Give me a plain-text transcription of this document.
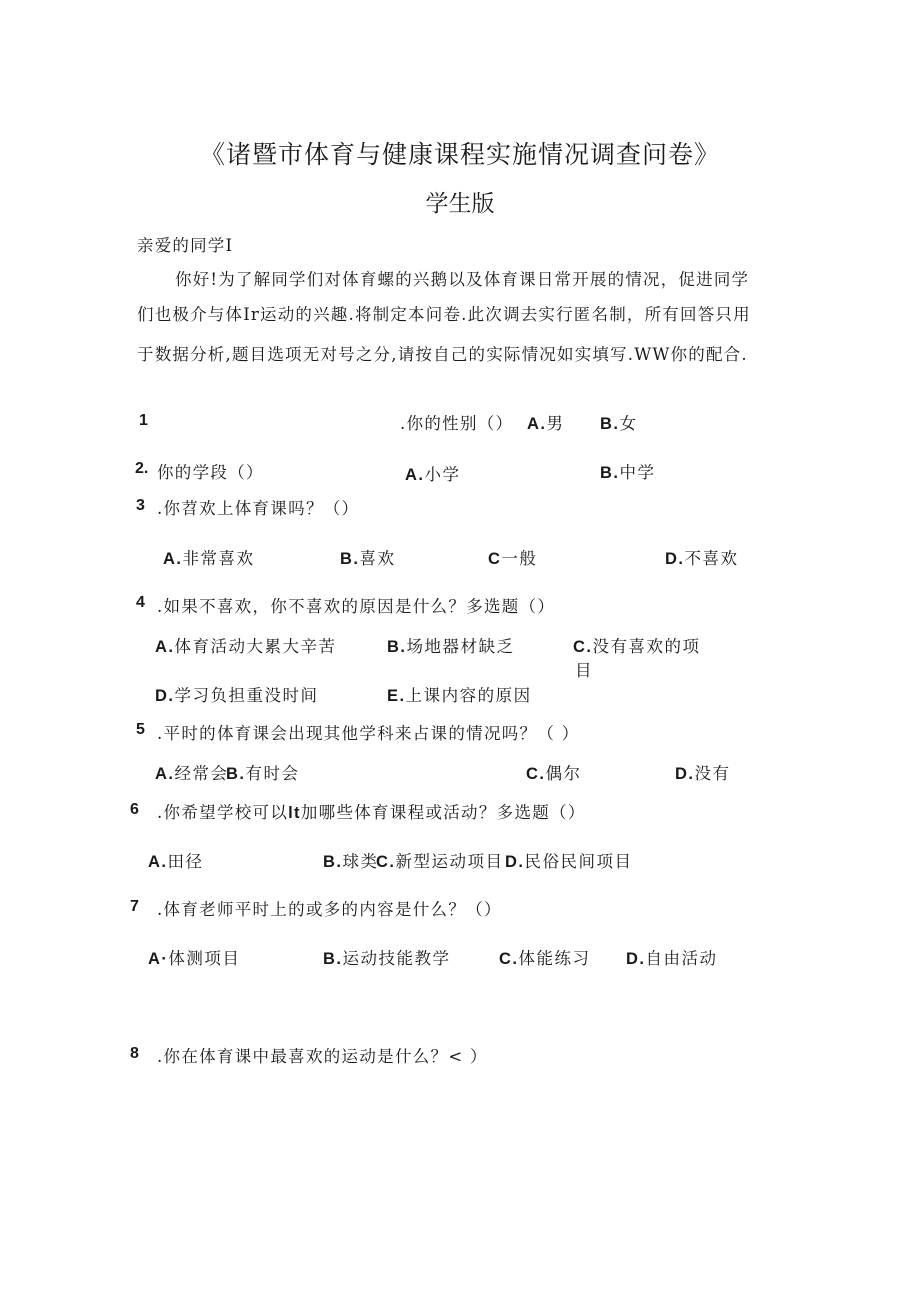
《诸暨市体育与健康课程实施情况调查问卷》
学生版
亲爱的同学I
你好!为了解同学们对体育螺的兴鹅以及体育课日常开展的情况，促进同学
们也极介与体Ir运动的兴趣.将制定本问卷.此次调去实行匿名制，所有回答只用
于数据分析,题目选项无对号之分,请按自己的实际情况如实填写.WW你的配合.
1	.你的性别（） A.男 B.女
2. 你的学段（）	A.小学	B.中学
3 .你苕欢上体育课吗？（）
A.非常喜欢	B.喜欢	C一般	D.不喜欢
4 .如果不喜欢，你不喜欢的原因是什么？多选题（）
A.体育活动大累大辛苦	B.场地器材缺乏	C.没有喜欢的项
目
D.学习负担重没时间	E.上课内容的原因
5 .平时的体育课会出现其他学科来占课的情况吗？（ ）
A.经常会
B.有时会	C.偶尔	D.没有
6 .你希望学校可以lt加哪些体育课程或活动？多选题（）
A.田径	B.球类
C.新型运动项目 D.民俗民间项目
7 .体育老师平时上的或多的内容是什么？（）
A·体测项目	B.运动技能教学	C.体能练习 D.自由活动
8 .你在体育课中最喜欢的运动是什么？< ）
